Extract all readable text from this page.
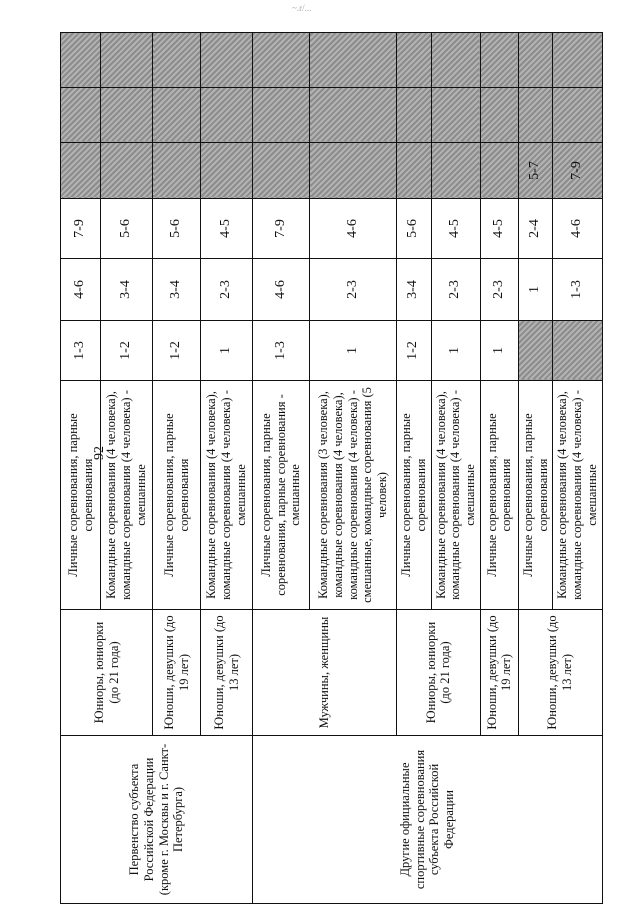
~.r/...
92
Первенство субъекта Российской Федерации (кроме г. Москвы и г. Санкт-Петербурга)	Юниоры, юниорки (до 21 года)	Личные соревнования, парные соревнования	1-3	4-6	7-9			
		Командные соревнования (4 человека), командные соревнования (4 человека) - смешанные	1-2	3-4	5-6			
	Юноши, девушки (до 19 лет)	Личные соревнования, парные соревнования	1-2	3-4	5-6			
	Юноши, девушки (до 13 лет)	Командные соревнования (4 человека), командные соревнования (4 человека) - смешанные	1	2-3	4-5			
Другие официальные спортивные соревнования субъекта Российской Федерации	Мужчины, женщины	Личные соревнования, парные соревнования, парные соревнования - смешанные	1-3	4-6	7-9			
		Командные соревнования (3 человека), командные соревнования (4 человека), командные соревнования (4 человека) - смешанные, командные соревнования (5 человек)	1	2-3	4-6			
	Юниоры, юниорки (до 21 года)	Личные соревнования, парные соревнования	1-2	3-4	5-6			
		Командные соревнования (4 человека), командные соревнования (4 человека) - смешанные	1	2-3	4-5			
	Юноши, девушки (до 19 лет)	Личные соревнования, парные соревнования	1	2-3	4-5			
	Юноши, девушки (до 13 лет)	Личные соревнования, парные соревнования		1	2-4	5-7		
		Командные соревнования (4 человека), командные соревнования (4 человека) - смешанные		1-3	4-6	7-9		
